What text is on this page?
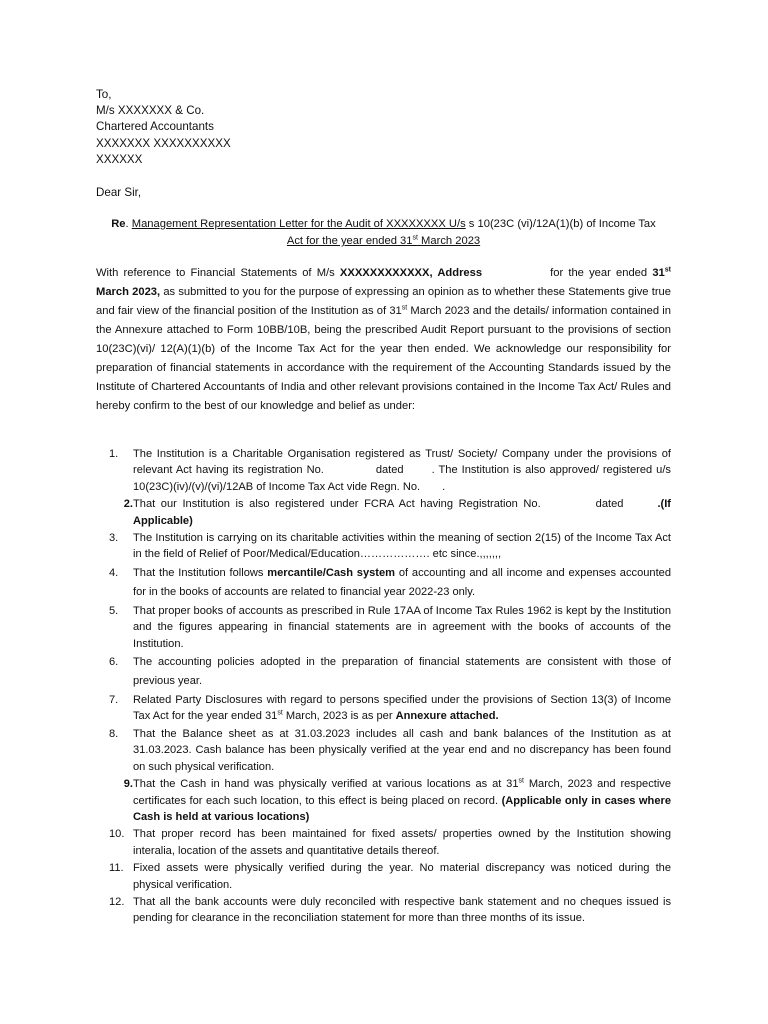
To,
M/s XXXXXXX & Co.
Chartered Accountants
XXXXXXX XXXXXXXXXX
XXXXXX
Dear Sir,
Re. Management Representation Letter for the Audit of XXXXXXXX U/s s 10(23C (vi)/12A(1)(b) of Income Tax
Act for the year ended 31st March 2023
With reference to Financial Statements of M/s XXXXXXXXXXXX, Address	for the year ended 31st March 2023, as submitted to you for the purpose of expressing an opinion as to whether these Statements give true and fair view of the financial position of the Institution as of 31st March 2023 and the details/ information contained in the Annexure attached to Form 10BB/10B, being the prescribed Audit Report pursuant to the provisions of section 10(23C)(vi)/ 12(A)(1)(b) of the Income Tax Act for the year then ended. We acknowledge our responsibility for preparation of financial statements in accordance with the requirement of the Accounting Standards issued by the Institute of Chartered Accountants of India and other relevant provisions contained in the Income Tax Act/ Rules and hereby confirm to the best of our knowledge and belief as under:
1.	The Institution is a Charitable Organisation registered as Trust/ Society/ Company under the provisions of relevant Act having its registration No.	dated	. The Institution is also approved/ registered u/s 10(23C)(iv)/(v)/(vi)/12AB of Income Tax Act vide Regn. No. .
2. That our Institution is also registered under FCRA Act having Registration No.	dated	.(If Applicable)
3.	The Institution is carrying on its charitable activities within the meaning of section 2(15) of the Income Tax Act in the field of Relief of Poor/Medical/Education………………. etc since.,,,,,,,
4.	That the Institution follows mercantile/Cash system of accounting and all income and expenses accounted for in the books of accounts are related to financial year 2022-23 only.
5.	That proper books of accounts as prescribed in Rule 17AA of Income Tax Rules 1962 is kept by the Institution and the figures appearing in financial statements are in agreement with the books of accounts of the Institution.
6.	The accounting policies adopted in the preparation of financial statements are consistent with those of previous year.
7.	Related Party Disclosures with regard to persons specified under the provisions of Section 13(3) of Income Tax Act for the year ended 31st March, 2023 is as per Annexure attached.
8.	That the Balance sheet as at 31.03.2023 includes all cash and bank balances of the Institution as at 31.03.2023. Cash balance has been physically verified at the year end and no discrepancy has been found on such physical verification.
9. That the Cash in hand was physically verified at various locations as at 31st March, 2023 and respective certificates for each such location, to this effect is being placed on record. (Applicable only in cases where Cash is held at various locations)
10. That proper record has been maintained for fixed assets/ properties owned by the Institution showing interalia, location of the assets and quantitative details thereof.
11. Fixed assets were physically verified during the year. No material discrepancy was noticed during the physical verification.
12. That all the bank accounts were duly reconciled with respective bank statement and no cheques issued is pending for clearance in the reconciliation statement for more than three months of its issue.
